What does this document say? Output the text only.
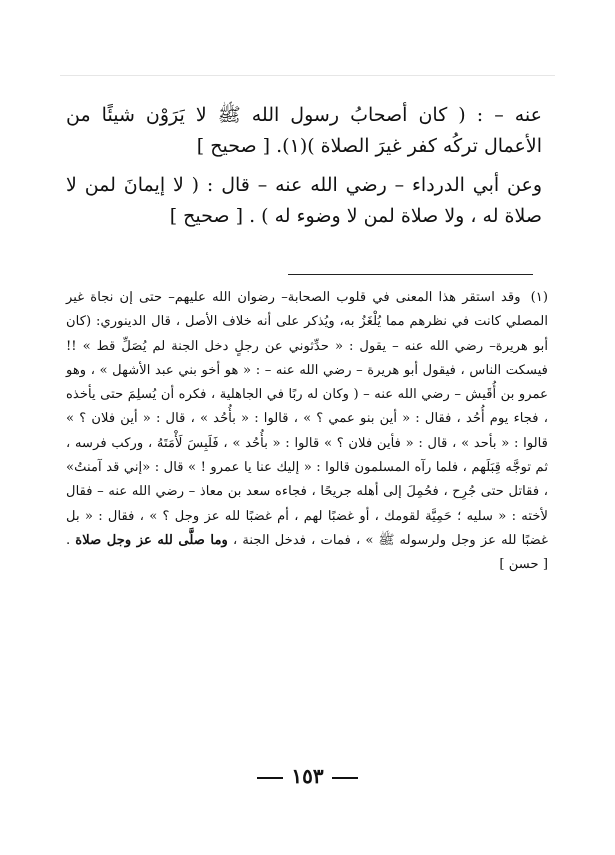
عنه – : ( كان أصحابُ رسول الله ﷺ لا يَرَوْن شيئًا من الأعمال تركُه كفر غيرَ الصلاة )(١). [ صحيح ]

وعن أبي الدرداء – رضي الله عنه – قال : ( لا إيمانَ لمن لا صلاة له ، ولا صلاة لمن لا وضوء له ) . [ صحيح ]

(١)وقد استقر هذا المعنى في قلوب الصحابة– رضوان الله عليهم– حتى إن نجاة غير المصلي كانت في نظرهم مما يُلْغَزُ به، ويُذكر على أنه خلاف الأصل ، قال الدينوري: (كان أبو هريرة– رضي الله عنه – يقول : « حدِّثوني عن رجلٍ دخل الجنة لم يُصَلِّ قط » !! فيسكت الناس ، فيقول أبو هريرة – رضي الله عنه – : « هو أخو بني عبد الأشهل » ، وهو عمرو بن أُقَيش – رضي الله عنه – ( وكان له ربًا في الجاهلية ، فكره أن يُسلِمَ حتى يأخذه ، فجاء يوم أُحُد ، فقال : « أين بنو عمي ؟ » ، قالوا : « بأُحُد » ، قال : « أين فلان ؟ » قالوا : « بأحد » ، قال : « فأين فلان ؟ » قالوا : « بأُحُد » ، فَلَبِسَ لَأْمَتَهُ ، وركب فرسه ، ثم توجَّه قِبَلَهم ، فلما رآه المسلمون قالوا : « إليك عنا يا عمرو ! » قال : «إني قد آمنتُ» ، فقاتل حتى جُرِح ، فحُمِلَ إلى أهله جريحًا ، فجاءه سعد بن معاذ – رضي الله عنه – فقال لأخته : « سليه ؛ حَمِيَّة لقومك ، أو غضبًا لهم ، أم غضبًا لله عز وجل ؟ » ، فقال : « بل غضبًا لله عز وجل ولرسوله ﷺ » ، فمات ، فدخل الجنة ، وما صلَّى لله عز وجل صلاة . [ حسن ]
١٥٣
